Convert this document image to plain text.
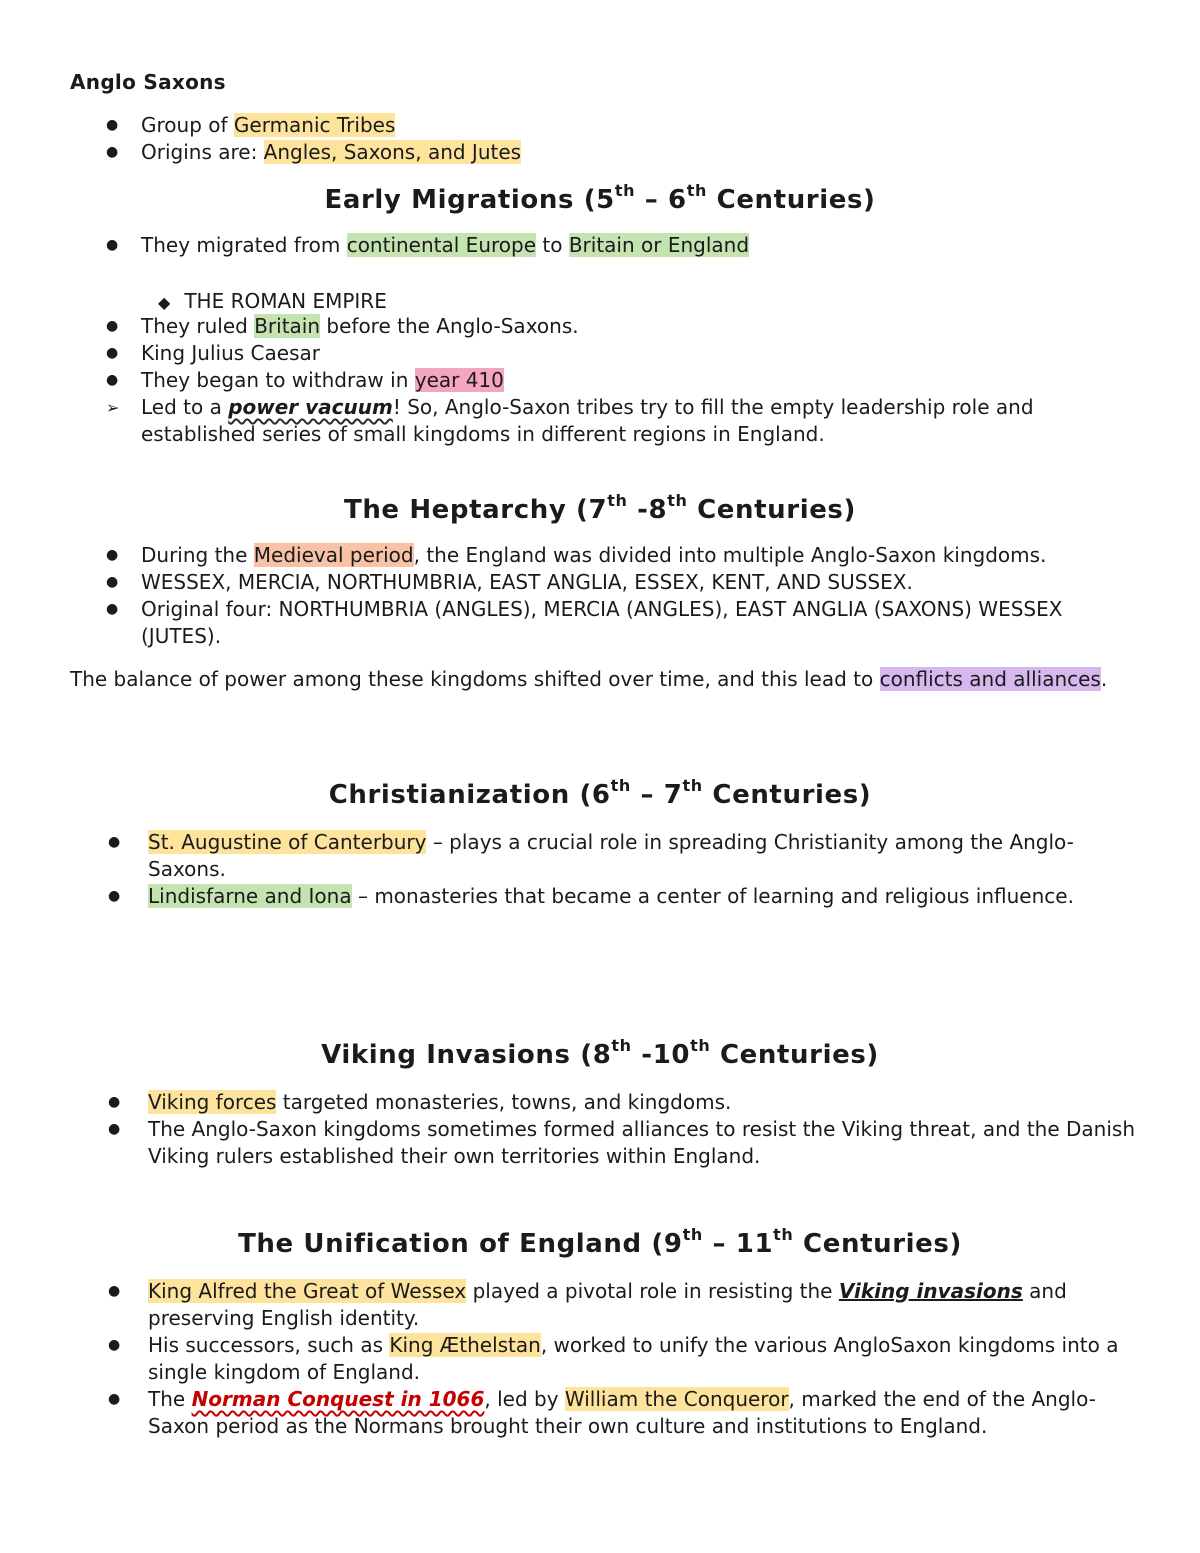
Anglo Saxons
● Group of Germanic Tribes
● Origins are: Angles, Saxons, and Jutes
Early Migrations (5th – 6th Centuries)
● They migrated from continental Europe to Britain or England
◆ THE ROMAN EMPIRE
● They ruled Britain before the Anglo-Saxons.
● King Julius Caesar
● They began to withdraw in year 410
➢ Led to a power vacuum! So, Anglo-Saxon tribes try to fill the empty leadership role and established series of small kingdoms in different regions in England.
The Heptarchy (7th -8th Centuries)
● During the Medieval period, the England was divided into multiple Anglo-Saxon kingdoms.
● WESSEX, MERCIA, NORTHUMBRIA, EAST ANGLIA, ESSEX, KENT, AND SUSSEX.
● Original four: NORTHUMBRIA (ANGLES), MERCIA (ANGLES), EAST ANGLIA (SAXONS) WESSEX (JUTES).
The balance of power among these kingdoms shifted over time, and this lead to conflicts and alliances.
Christianization (6th – 7th Centuries)
● St. Augustine of Canterbury – plays a crucial role in spreading Christianity among the Anglo-Saxons.
● Lindisfarne and Iona – monasteries that became a center of learning and religious influence.
Viking Invasions (8th -10th Centuries)
● Viking forces targeted monasteries, towns, and kingdoms.
● The Anglo-Saxon kingdoms sometimes formed alliances to resist the Viking threat, and the Danish Viking rulers established their own territories within England.
The Unification of England (9th – 11th Centuries)
● King Alfred the Great of Wessex played a pivotal role in resisting the Viking invasions and preserving English identity.
● His successors, such as King Æthelstan, worked to unify the various AngloSaxon kingdoms into a single kingdom of England.
● The Norman Conquest in 1066, led by William the Conqueror, marked the end of the Anglo-Saxon period as the Normans brought their own culture and institutions to England.
